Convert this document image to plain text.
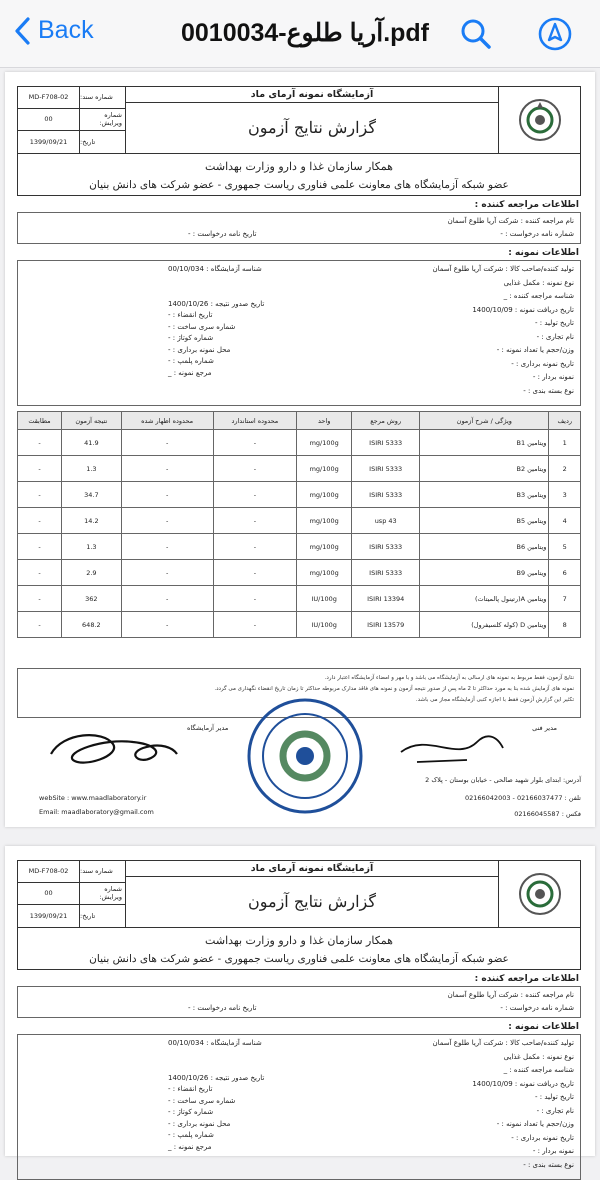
Back	0010034-آریا طلوع.pdf
شماره سند:
MD-F708-02
شماره ویرایش:
00
تاریخ:
1399/09/21
آزمایشگاه نمونه آرمای ماد
گزارش نتایج آزمون
همکار سازمان غذا و دارو وزارت بهداشت
عضو شبکه آزمایشگاه های معاونت علمی فناوری ریاست جمهوری - عضو شرکت های دانش بنیان
اطلاعات مراجعه کننده :
نام مراجعه کننده : شرکت آریا طلوع آسمان
شماره نامه درخواست : -
تاریخ نامه درخواست : -
اطلاعات نمونه :
تولید کننده/صاحب کالا : شرکت آریا طلوع آسمان
نوع نمونه : مکمل غذایی
شناسه مراجعه کننده : _
تاریخ دریافت نمونه : 1400/10/09
تاریخ تولید : -
نام تجاری : -
وزن/حجم یا تعداد نمونه : -
تاریخ نمونه برداری : -
نمونه بردار : -
نوع بسته بندی : -
شناسه آزمایشگاه : 00/10/034
تاریخ صدور نتیجه : 1400/10/26
تاریخ انقضاء : -
شماره سری ساخت : -
شماره کوتاژ : -
محل نمونه برداری : -
شماره پلمپ : -
مرجع نمونه : _
ردیف	ویژگی / شرح آزمون	روش مرجع	واحد	محدوده استاندارد	محدوده اظهار شده	نتیجه آزمون	مطابقت
1	ویتامین B1	ISIRI 5333	mg/100g	-	-	41.9	-
2	ویتامین B2	ISIRI 5333	mg/100g	-	-	1.3	-
3	ویتامین B3	ISIRI 5333	mg/100g	-	-	34.7	-
4	ویتامین B5	usp 43	mg/100g	-	-	14.2	-
5	ویتامین B6	ISIRI 5333	mg/100g	-	-	1.3	-
6	ویتامین B9	ISIRI 5333	mg/100g	-	-	2.9	-
7	ویتامین A(رتینول پالمیتات)	ISIRI 13394	IU/100g	-	-	362	-
8	ویتامین D (کوله کلسیفرول)	ISIRI 13579	IU/100g	-	-	648.2	-
نتایج آزمون، فقط مربوط به نمونه های ارسالی به آزمایشگاه می باشد و با مهر و امضاء آزمایشگاه اعتبار دارد.
نمونه های آزمایش شده بنا به مورد حداکثر تا 2 ماه پس از صدور نتیجه آزمون و نمونه های فاقد مدارک مربوطه حداکثر تا زمان تاریخ انقضاء نگهداری می گردد.
تکثیر این گزارش آزمون فقط با اجازه کتبی آزمایشگاه مجاز می باشد.
مدیر فنی
مدیر آزمایشگاه
آدرس: ابتدای بلوار شهید صالحی - خیابان بوستان - پلاک 2
تلفن : 02166037477 - 02166042003
فکس : 02166045587
webSite : www.maadlaboratory.ir
Email: maadlaboratory@gmail.com
شماره سند:
MD-F708-02
شماره ویرایش:
00
تاریخ:
1399/09/21
آزمایشگاه نمونه آرمای ماد
گزارش نتایج آزمون
همکار سازمان غذا و دارو وزارت بهداشت
عضو شبکه آزمایشگاه های معاونت علمی فناوری ریاست جمهوری - عضو شرکت های دانش بنیان
اطلاعات مراجعه کننده :
نام مراجعه کننده : شرکت آریا طلوع آسمان
شماره نامه درخواست : -
تاریخ نامه درخواست : -
اطلاعات نمونه :
تولید کننده/صاحب کالا : شرکت آریا طلوع آسمان
نوع نمونه : مکمل غذایی
شناسه مراجعه کننده : _
تاریخ دریافت نمونه : 1400/10/09
تاریخ تولید : -
نام تجاری : -
وزن/حجم یا تعداد نمونه : -
تاریخ نمونه برداری : -
نمونه بردار : -
نوع بسته بندی : -
شناسه آزمایشگاه : 00/10/034
تاریخ صدور نتیجه : 1400/10/26
تاریخ انقضاء : -
شماره سری ساخت : -
شماره کوتاژ : -
محل نمونه برداری : -
شماره پلمپ : -
مرجع نمونه : _
